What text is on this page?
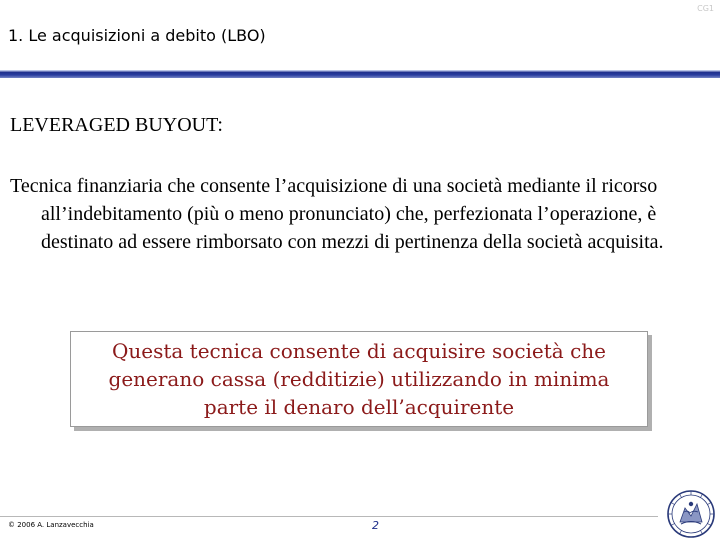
CG1
1. Le acquisizioni a debito (LBO)
LEVERAGED BUYOUT:
Tecnica finanziaria che consente l’acquisizione di una società mediante il ricorso all’indebitamento (più o meno pronunciato) che, perfezionata l’operazione, è destinato ad essere rimborsato con mezzi di pertinenza della società acquisita.
Questa tecnica consente di acquisire società che generano cassa (redditizie) utilizzando in minima parte il denaro dell’acquirente
© 2006 A. Lanzavecchia	2
